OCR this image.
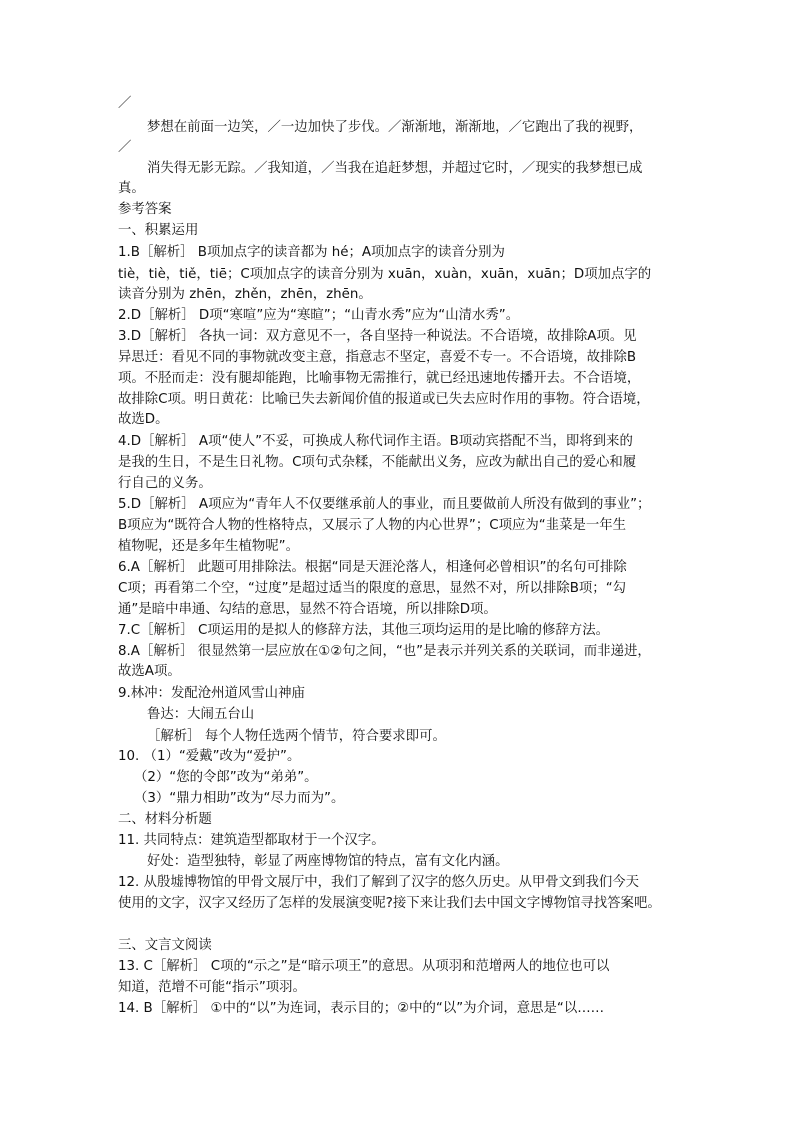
／
梦想在前面一边笑，／一边加快了步伐。／渐渐地，渐渐地，／它跑出了我的视野，
／
消失得无影无踪。／我知道，／当我在追赶梦想，并超过它时，／现实的我梦想已成
真。
参考答案
一、积累运用
1.B［解析］ B项加点字的读音都为 hé；A项加点字的读音分别为
tiè，tiè，tiě，tiē；C项加点字的读音分别为 xuān，xuàn，xuān，xuān；D项加点字的
读音分别为 zhēn，zhěn，zhēn，zhēn。
2.D［解析］ D项“寒喧”应为“寒暄”；“山青水秀”应为“山清水秀”。
3.D［解析］ 各执一词：双方意见不一，各自坚持一种说法。不合语境，故排除A项。见
异思迁：看见不同的事物就改变主意，指意志不坚定，喜爱不专一。不合语境，故排除B
项。不胫而走：没有腿却能跑，比喻事物无需推行，就已经迅速地传播开去。不合语境，
故排除C项。明日黄花：比喻已失去新闻价值的报道或已失去应时作用的事物。符合语境，
故选D。
4.D［解析］ A项“使人”不妥，可换成人称代词作主语。B项动宾搭配不当，即将到来的
是我的生日，不是生日礼物。C项句式杂糅，不能献出义务，应改为献出自己的爱心和履
行自己的义务。
5.D［解析］ A项应为“青年人不仅要继承前人的事业，而且要做前人所没有做到的事业”；
B项应为“既符合人物的性格特点，又展示了人物的内心世界”；C项应为“韭菜是一年生
植物呢，还是多年生植物呢”。
6.A［解析］ 此题可用排除法。根据“同是天涯沦落人，相逢何必曾相识”的名句可排除
C项；再看第二个空，“过度”是超过适当的限度的意思，显然不对，所以排除B项；“勾
通”是暗中串通、勾结的意思，显然不符合语境，所以排除D项。
7.C［解析］ C项运用的是拟人的修辞方法，其他三项均运用的是比喻的修辞方法。
8.A［解析］ 很显然第一层应放在①②句之间，“也”是表示并列关系的关联词，而非递进，
故选A项。
9.林冲：发配沧州道风雪山神庙
鲁达：大闹五台山
［解析］ 每个人物任选两个情节，符合要求即可。
10. （1）“爱戴”改为“爱护”。
（2）“您的令郎”改为“弟弟”。
（3）“鼎力相助”改为“尽力而为”。
二、材料分析题
11. 共同特点：建筑造型都取材于一个汉字。
好处：造型独特，彰显了两座博物馆的特点，富有文化内涵。
12. 从殷墟博物馆的甲骨文展厅中，我们了解到了汉字的悠久历史。从甲骨文到我们今天
使用的文字，汉字又经历了怎样的发展演变呢?接下来让我们去中国文字博物馆寻找答案吧。
三、文言文阅读
13. C［解析］ C项的“示之”是“暗示项王”的意思。从项羽和范增两人的地位也可以
知道，范增不可能“指示”项羽。
14. B［解析］ ①中的“以”为连词，表示目的；②中的“以”为介词，意思是“以……
